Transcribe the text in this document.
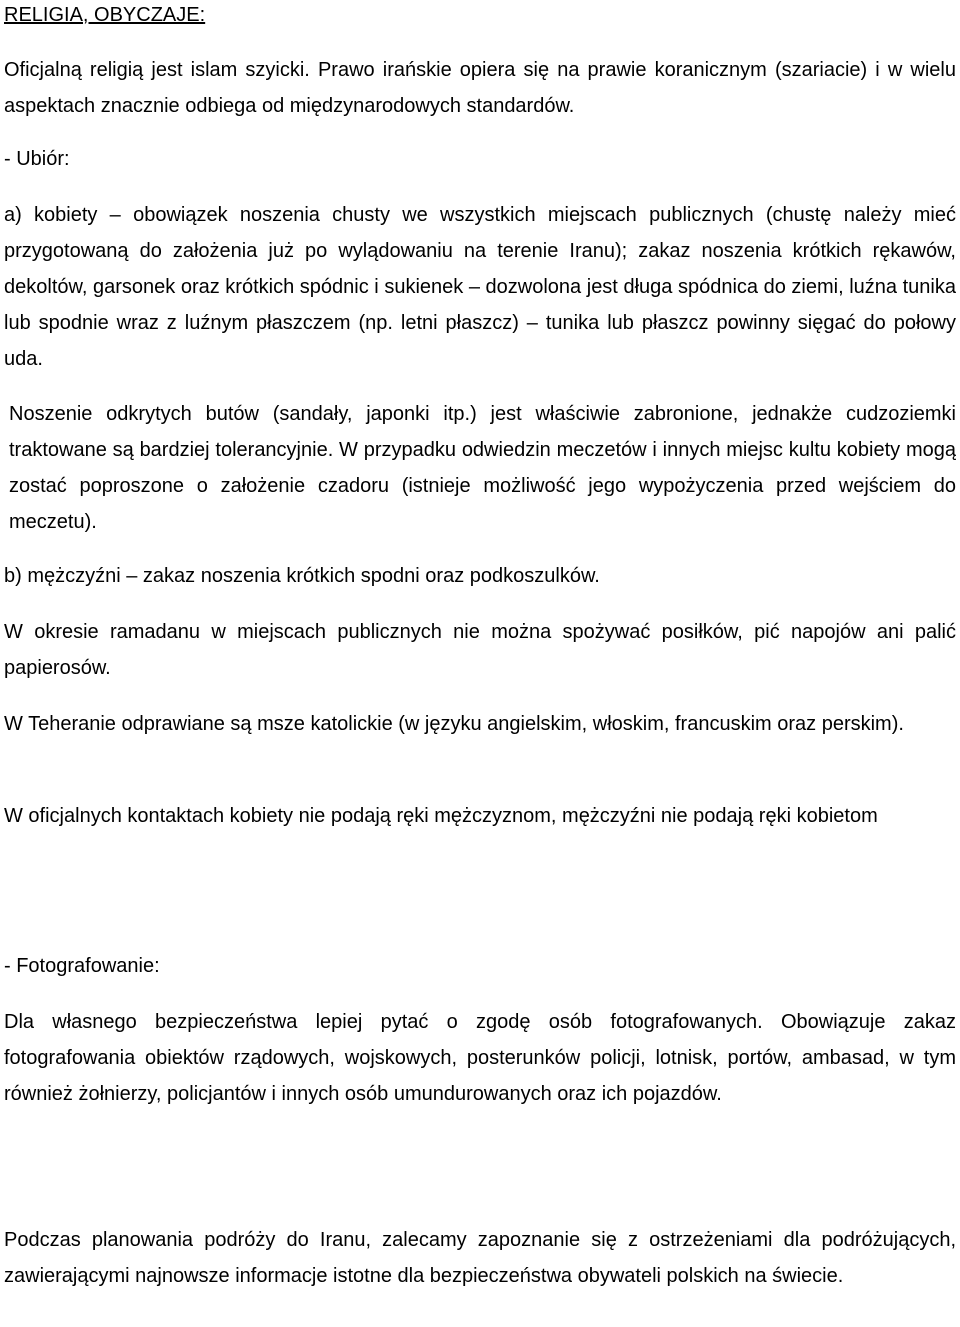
RELIGIA, OBYCZAJE:

Oficjalną religią jest islam szyicki. Prawo irańskie opiera się na prawie koranicznym (szariacie) i w wielu aspektach znacznie odbiega od międzynarodowych standardów.

- Ubiór:

a) kobiety – obowiązek noszenia chusty we wszystkich miejscach publicznych (chustę należy mieć przygotowaną do założenia już po wylądowaniu na terenie Iranu); zakaz noszenia krótkich rękawów, dekoltów, garsonek oraz krótkich spódnic i sukienek – dozwolona jest długa spódnica do ziemi, luźna tunika lub spodnie wraz z luźnym płaszczem (np. letni płaszcz) – tunika lub płaszcz powinny sięgać do połowy uda.

Noszenie odkrytych butów (sandały, japonki itp.) jest właściwie zabronione, jednakże cudzoziemki traktowane są bardziej tolerancyjnie. W przypadku odwiedzin meczetów i innych miejsc kultu kobiety mogą zostać poproszone o założenie czadoru (istnieje możliwość jego wypożyczenia przed wejściem do meczetu).

b) mężczyźni – zakaz noszenia krótkich spodni oraz podkoszulków.

W okresie ramadanu w miejscach publicznych nie można spożywać posiłków, pić napojów ani palić papierosów.

W Teheranie odprawiane są msze katolickie (w języku angielskim, włoskim, francuskim oraz perskim).

W oficjalnych kontaktach kobiety nie podają ręki mężczyznom, mężczyźni nie podają ręki kobietom

- Fotografowanie:

Dla własnego bezpieczeństwa lepiej pytać o zgodę osób fotografowanych. Obowiązuje zakaz fotografowania obiektów rządowych, wojskowych, posterunków policji, lotnisk, portów, ambasad, w tym również żołnierzy, policjantów i innych osób umundurowanych oraz ich pojazdów.

Podczas planowania podróży do Iranu, zalecamy zapoznanie się z ostrzeżeniami dla podróżujących, zawierającymi najnowsze informacje istotne dla bezpieczeństwa obywateli polskich na świecie.
